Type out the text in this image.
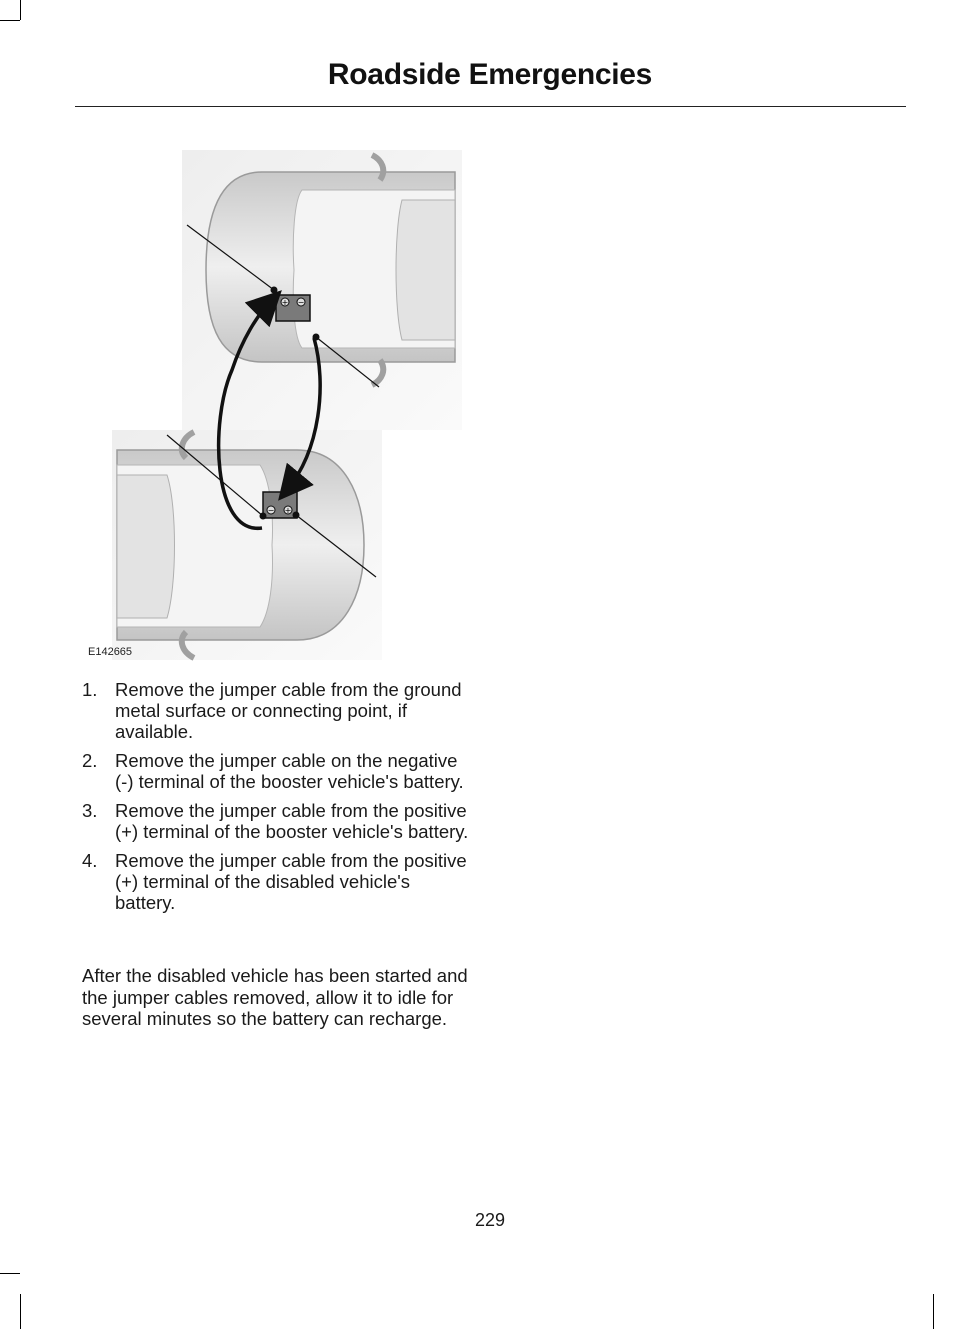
Roadside Emergencies
+ −
− +
E142665
1. Remove the jumper cable from the ground metal surface or connecting point, if available.
2. Remove the jumper cable on the negative (-) terminal of the booster vehicle's battery.
3. Remove the jumper cable from the positive (+) terminal of the booster vehicle's battery.
4. Remove the jumper cable from the positive (+) terminal of the disabled vehicle's battery.
After the disabled vehicle has been started and the jumper cables removed, allow it to idle for several minutes so the battery can recharge.
229
